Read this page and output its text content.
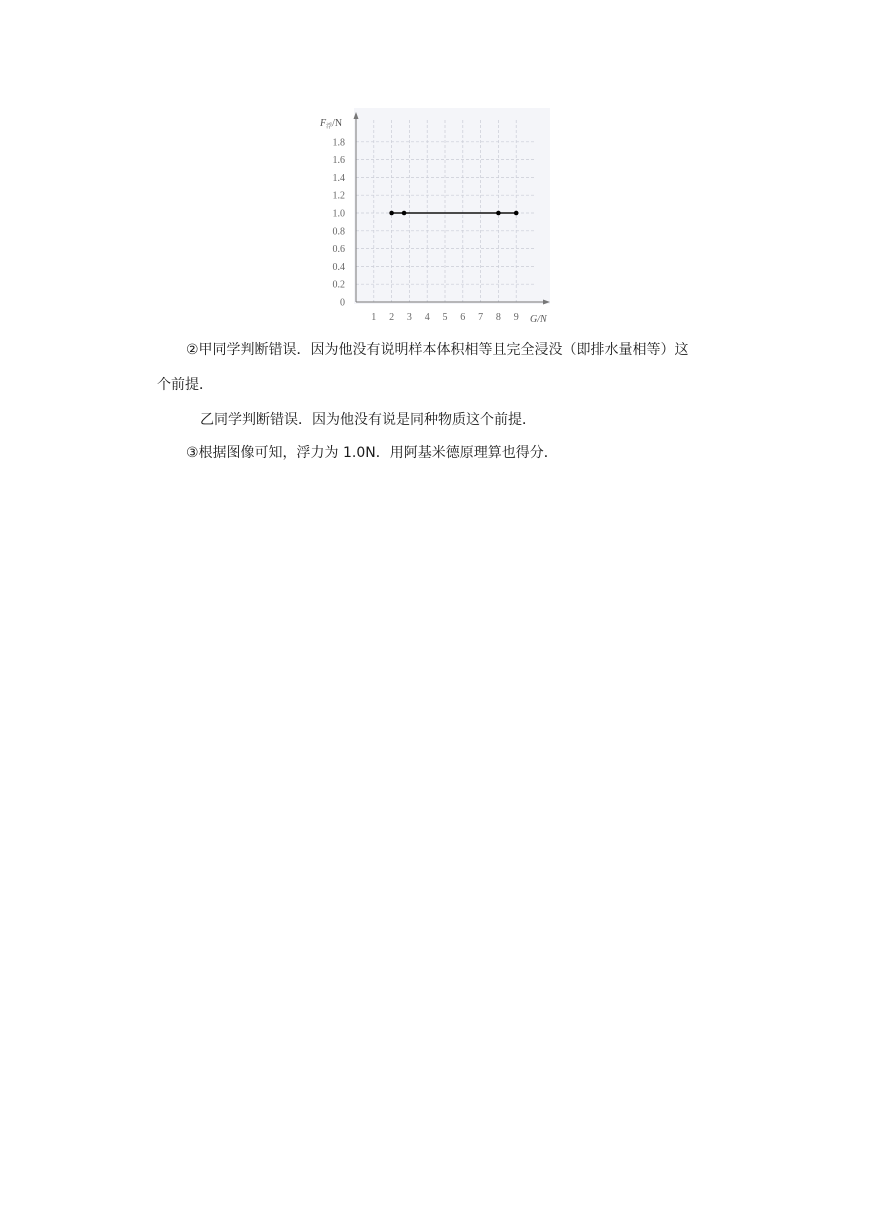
$F_浮/N$
G/N
0
0.2
0.4
0.6
0.8
1.0
1.2
1.4
1.6
1.8
1 2 3 4 5 6 7 8 9
②甲同学判断错误．因为他没有说明样本体积相等且完全浸没（即排水量相等）这
个前提．
乙同学判断错误．因为他没有说是同种物质这个前提．
③根据图像可知，浮力为 1.0N．用阿基米德原理算也得分．
